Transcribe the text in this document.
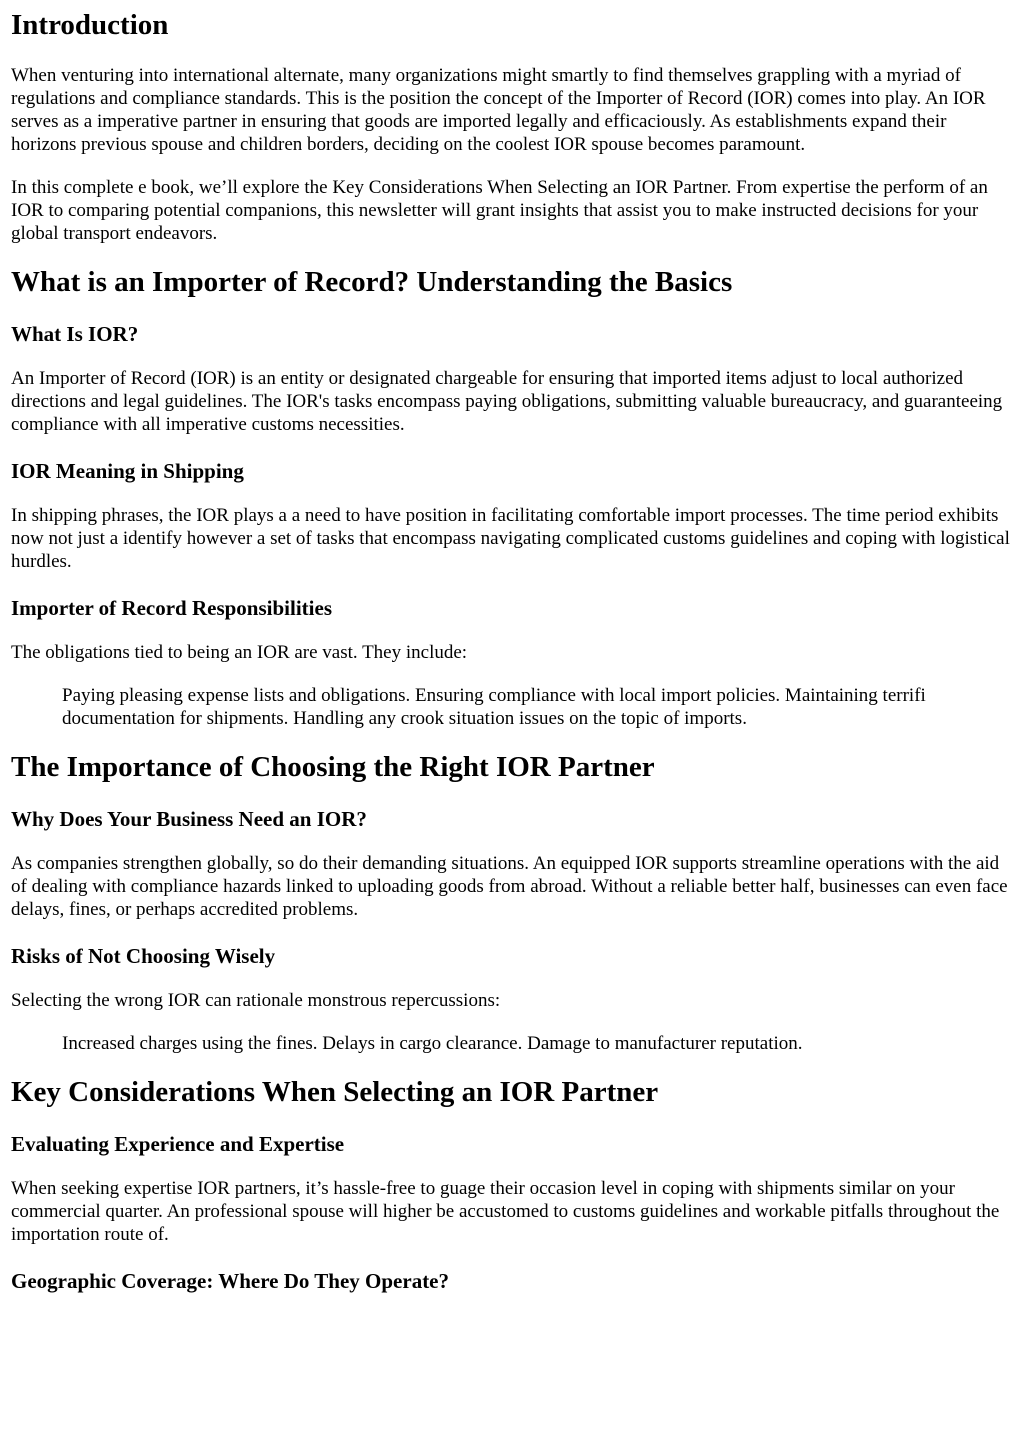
Introduction

When venturing into international alternate, many organizations might smartly to find themselves grappling with a myriad of regulations and compliance standards. This is the position the concept of the Importer of Record (IOR) comes into play. An IOR serves as a imperative partner in ensuring that goods are imported legally and efficaciously. As establishments expand their horizons previous spouse and children borders, deciding on the coolest IOR spouse becomes paramount.

In this complete e book, we’ll explore the Key Considerations When Selecting an IOR Partner. From expertise the perform of an IOR to comparing potential companions, this newsletter will grant insights that assist you to make instructed decisions for your global transport endeavors.

What is an Importer of Record? Understanding the Basics
What Is IOR?

An Importer of Record (IOR) is an entity or designated chargeable for ensuring that imported items adjust to local authorized directions and legal guidelines. The IOR's tasks encompass paying obligations, submitting valuable bureaucracy, and guaranteeing compliance with all imperative customs necessities.

IOR Meaning in Shipping

In shipping phrases, the IOR plays a a need to have position in facilitating comfortable import processes. The time period exhibits now not just a identify however a set of tasks that encompass navigating complicated customs guidelines and coping with logistical hurdles.

Importer of Record Responsibilities

The obligations tied to being an IOR are vast. They include:

Paying pleasing expense lists and obligations. Ensuring compliance with local import policies. Maintaining terrifi documentation for shipments. Handling any crook situation issues on the topic of imports.
The Importance of Choosing the Right IOR Partner
Why Does Your Business Need an IOR?

As companies strengthen globally, so do their demanding situations. An equipped IOR supports streamline operations with the aid of dealing with compliance hazards linked to uploading goods from abroad. Without a reliable better half, businesses can even face delays, fines, or perhaps accredited problems.

Risks of Not Choosing Wisely

Selecting the wrong IOR can rationale monstrous repercussions:

Increased charges using the fines. Delays in cargo clearance. Damage to manufacturer reputation.
Key Considerations When Selecting an IOR Partner
Evaluating Experience and Expertise

When seeking expertise IOR partners, it’s hassle-free to guage their occasion level in coping with shipments similar on your commercial quarter. An professional spouse will higher be accustomed to customs guidelines and workable pitfalls throughout the importation route of.

Geographic Coverage: Where Do They Operate?
